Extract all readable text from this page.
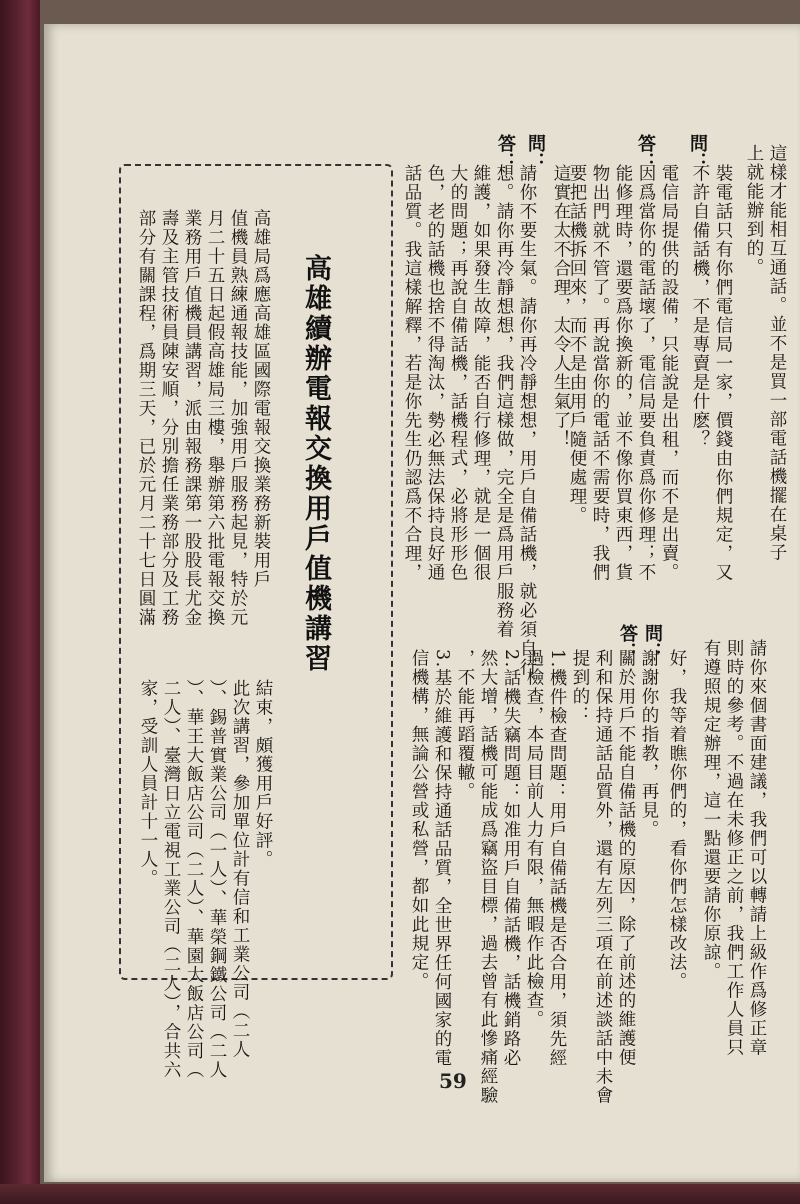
這樣才能相互通話。並不是買一部電話機擺在桌子
上就能辦到的。
問：
裝電話只有你們電信局一家，價錢由你們規定，又
不許自備話機，不是專賣是什麽？
答：
電信局提供的設備，只能說是出租，而不是出賣。
因爲當你的電話壞了，電信局要負責爲你修理；不
能修理時，還要爲你換新的，並不像你買東西，貨
物出門就不管了。再說當你的電話不需要時，我們
要把話機拆回來，而不是由用戶隨便處理。
問：
這實在太不合理，太令人生氣了！
答：
請你不要生氣。請你再冷靜想想，用戶自備話機，就必須自行
想。請你再冷靜想想，我們這樣做，完全是爲用戶服務着
維護，如果發生故障，能否自行修理，就是一個很
大的問題；再說自備話機，話機程式，必將形形色
色，老的話機也捨不得淘汰，勢必無法保持良好通
話品質。我這樣解釋，若是你先生仍認爲不合理，
請你來個書面建議，我們可以轉請上級作爲修正章
則時的參考。不過在未修正之前，我們工作人員只
有遵照規定辦理，這一點還要請你原諒。
問：
好，我等着瞧你們的，看你們怎樣改法。
答：
謝謝你的指教，再見。
關於用戶不能自備話機的原因，除了前述的維護便
利和保持通話品質外，還有左列三項在前述談話中未會
提到的：
1.機件檢查問題：用戶自備話機是否合用，須先經
過檢查，本局目前人力有限，無暇作此檢查。
2.話機失竊問題：如准用戶自備話機，話機銷路必
然大增，話機可能成爲竊盜目標，過去曾有此慘痛經驗
，不能再蹈覆轍。
3.基於維護和保持通話品質，全世界任何國家的電
信機構，無論公營或私營，都如此規定。
高雄續辦電報交換用戶值機講習
高雄局爲應高雄區國際電報交換業務新裝用戶
值機員熟練通報技能，加強用戶服務起見，特於元
月二十五日起假高雄局三樓，舉辦第六批電報交換
業務用戶值機員講習，派由報務課第一股股長尤金
壽及主管技術員陳安順，分別擔任業務部分及工務
部分有關課程，爲期三天，已於元月二十七日圓滿
結束，頗獲用戶好評。
此次講習，參加單位計有信和工業公司（二人
）、錫普實業公司（一人）、華榮鋼鐵公司（二人
）、華王大飯店公司（二人）、華園大飯店公司（
二人）、臺灣日立電視工業公司（二人），合共六
家，受訓人員計十一人。
59
